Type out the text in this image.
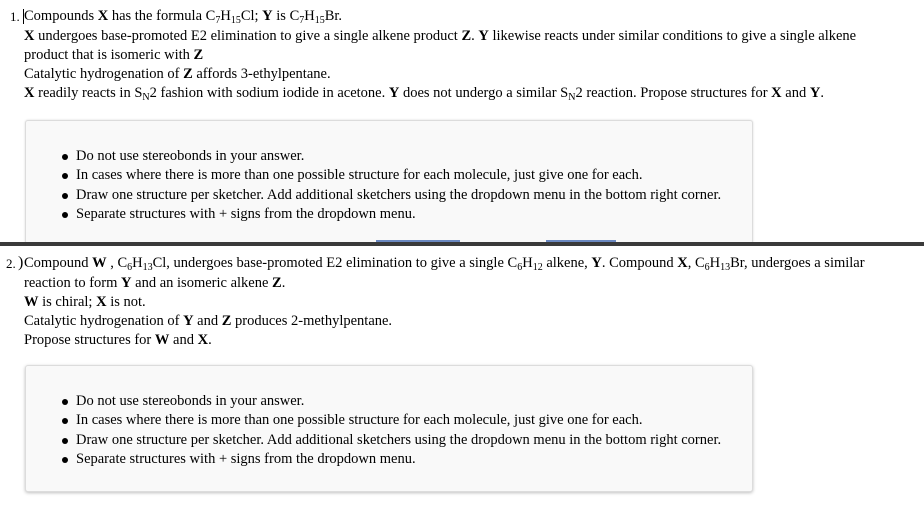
1. Compounds X has the formula $C_7H_{15}Cl$; Y is $C_7H_{15}Br$.
X undergoes base-promoted E2 elimination to give a single alkene product Z. Y likewise reacts under similar conditions to give a single alkene
product that is isomeric with Z
Catalytic hydrogenation of Z affords 3-ethylpentane.
X readily reacts in $S_N2$ fashion with sodium iodide in acetone. Y does not undergo a similar $S_N2$ reaction. Propose structures for X and Y.
Do not use stereobonds in your answer.
In cases where there is more than one possible structure for each molecule, just give one for each.
Draw one structure per sketcher. Add additional sketchers using the dropdown menu in the bottom right corner.
Separate structures with + signs from the dropdown menu.
2. ) Compound W , $C_6H_{13}Cl$, undergoes base-promoted E2 elimination to give a single $C_6H_{12}$ alkene, Y. Compound X, $C_6H_{13}Br$, undergoes a similar
reaction to form Y and an isomeric alkene Z.
W is chiral; X is not.
Catalytic hydrogenation of Y and Z produces 2-methylpentane.
Propose structures for W and X.
Do not use stereobonds in your answer.
In cases where there is more than one possible structure for each molecule, just give one for each.
Draw one structure per sketcher. Add additional sketchers using the dropdown menu in the bottom right corner.
Separate structures with + signs from the dropdown menu.
